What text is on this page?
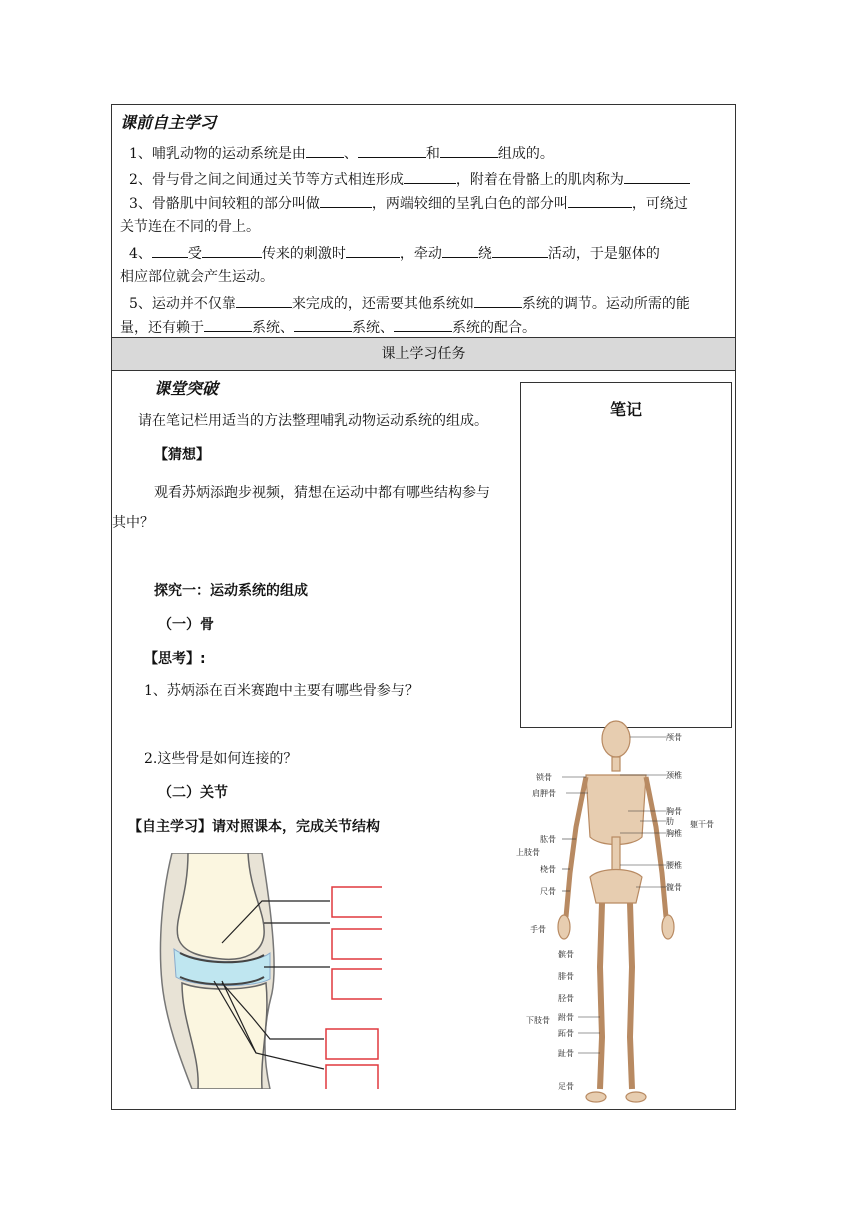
课前自主学习
1、哺乳动物的运动系统是由	、	和	组成的。
2、骨与骨之间之间通过关节等方式相连形成	，附着在骨骼上的肌肉称为
3、骨骼肌中间较粗的部分叫做	，两端较细的呈乳白色的部分叫	，可绕过
关节连在不同的骨上。
4、	受	传来的刺激时	，牵动	绕	活动，于是躯体的
相应部位就会产生运动。
5、运动并不仅靠	来完成的，还需要其他系统如	系统的调节。运动所需的能
量，还有赖于	系统、	系统、	系统的配合。
课上学习任务
课堂突破
请在笔记栏用适当的方法整理哺乳动物运动系统的组成。
【猜想】
观看苏炳添跑步视频，猜想在运动中都有哪些结构参与
其中？
探究一：运动系统的组成
（一）骨
【思考】:
1、苏炳添在百米赛跑中主要有哪些骨参与？
2.这些骨是如何连接的？
（二）关节
【自主学习】请对照课本，完成关节结构
笔记
颅骨
颈椎
胸骨
肋
胸椎
腰椎
髋骨
躯干骨
锁骨
肩胛骨
肱骨
桡骨
尺骨
手骨
髌骨
腓骨
胫骨
跗骨
跖骨
趾骨
足骨
上肢骨
下肢骨
